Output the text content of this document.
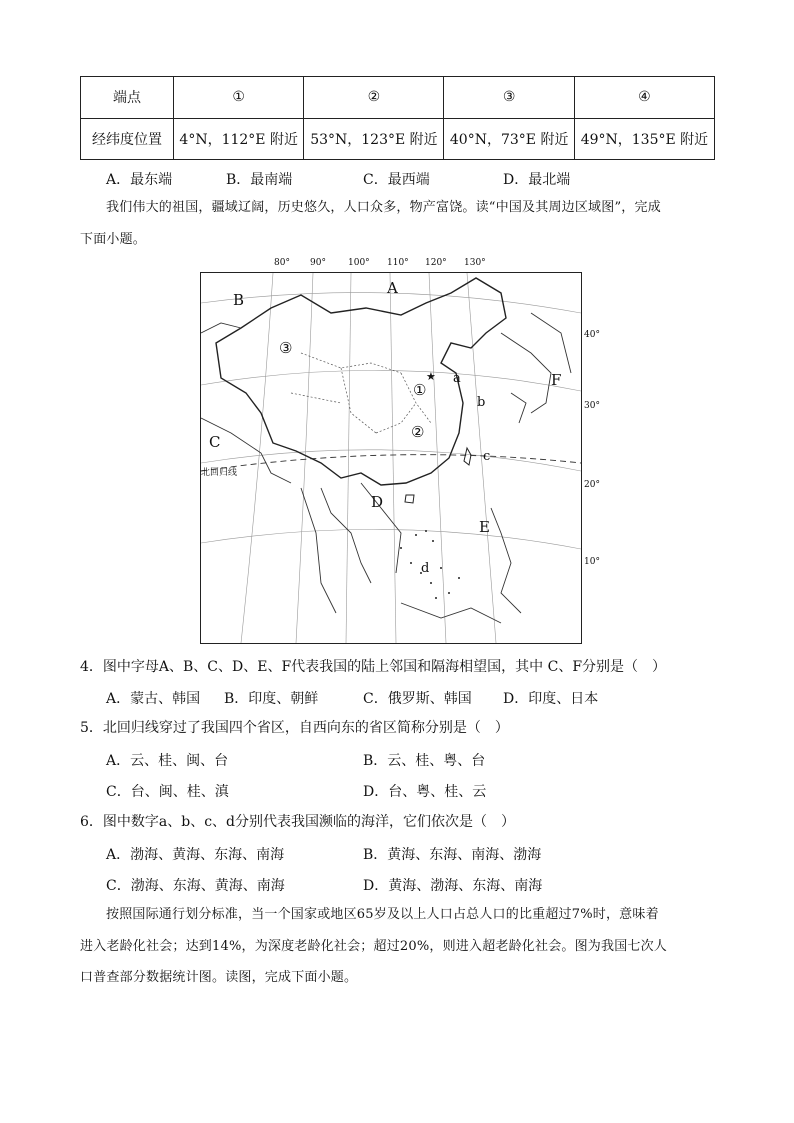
端点	①	②	③	④
经纬度位置	4°N，112°E 附近	53°N，123°E 附近	40°N，73°E 附近	49°N，135°E 附近
A．最东端	B．最南端	C．最西端	D．最北端
我们伟大的祖国，疆域辽阔，历史悠久，人口众多，物产富饶。读“中国及其周边区域图”，完成
下面小题。
80° 90° 100° 110° 120° 130°
40°
30°
20°
10°
★
A
B
C
D
E
F
a
b
c
d
①
②
③
北回归线
4．图中字母A、B、C、D、E、F代表我国的陆上邻国和隔海相望国，其中 C、F分别是（　）
A．蒙古、韩国 B．印度、朝鲜	C．俄罗斯、韩国 D．印度、日本
5．北回归线穿过了我国四个省区，自西向东的省区简称分别是（　）
A．云、桂、闽、台	B．云、桂、粤、台
C．台、闽、桂、滇	D．台、粤、桂、云
6．图中数字a、b、c、d分别代表我国濒临的海洋，它们依次是（　）
A．渤海、黄海、东海、南海	B．黄海、东海、南海、渤海
C．渤海、东海、黄海、南海	D．黄海、渤海、东海、南海
按照国际通行划分标准，当一个国家或地区65岁及以上人口占总人口的比重超过7%时，意味着
进入老龄化社会；达到14%，为深度老龄化社会；超过20%，则进入超老龄化社会。图为我国七次人
口普查部分数据统计图。读图，完成下面小题。
